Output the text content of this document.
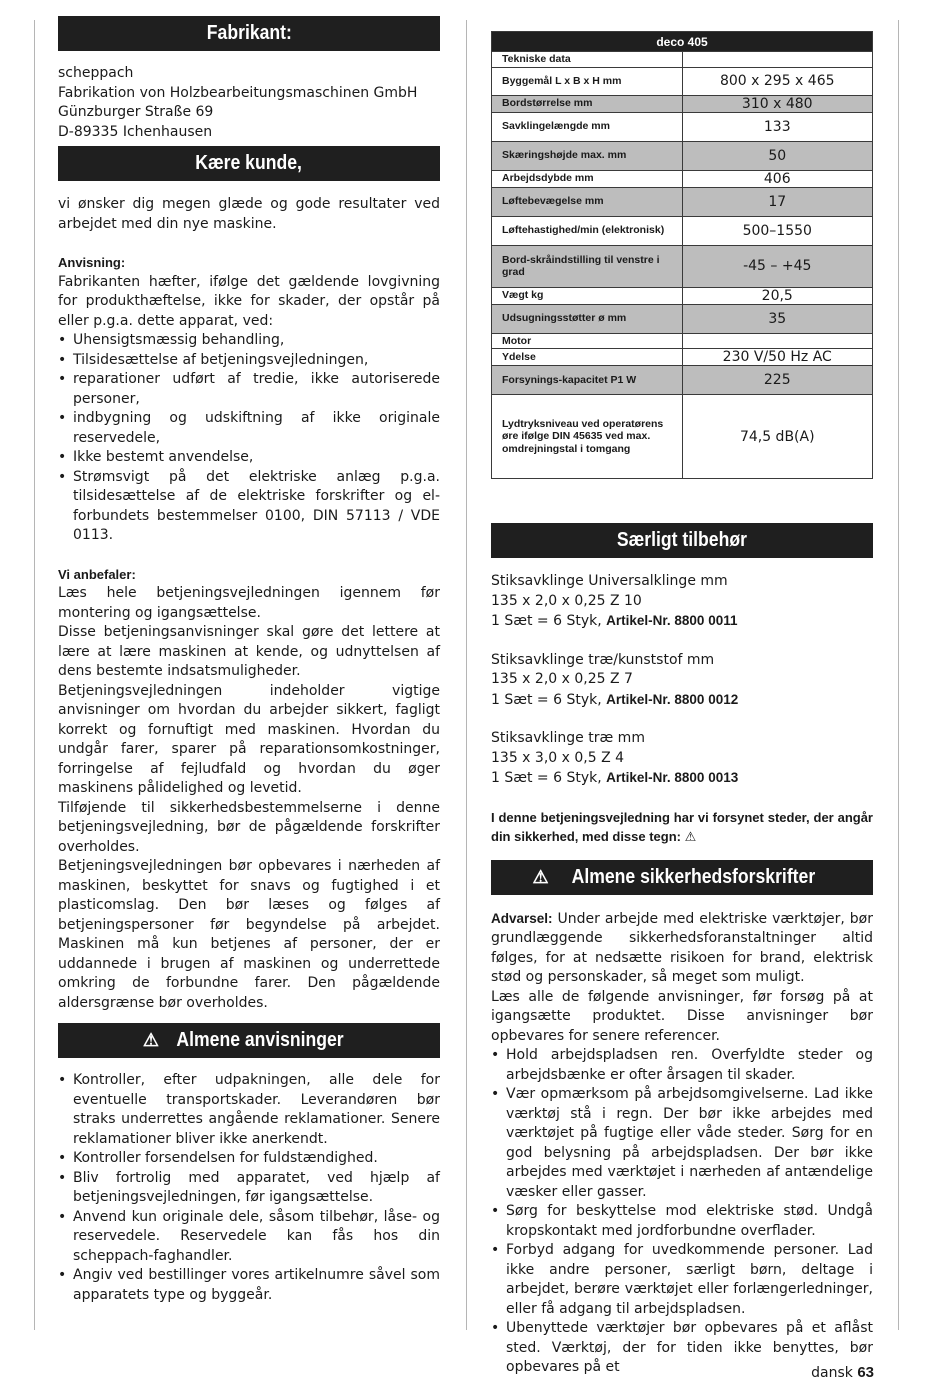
Fabrikant:

scheppach

Fabrikation von Holzbearbeitungsmaschinen GmbH

Günzburger Straße 69

D-89335 Ichenhausen

Kære kunde,

vi ønsker dig megen glæde og gode resultater ved arbejdet med din nye maskine.

Anvisning:

Fabrikanten hæfter, ifølge det gældende lovgivning for produkthæftelse, ikke for skader, der opstår på eller p.g.a. dette apparat, ved:

• Uhensigtsmæssig behandling,
• Tilsidesættelse af betjeningsvejledningen,
• reparationer udført af tredie, ikke autoriserede personer,
• indbygning og udskiftning af ikke originale reservedele,
• Ikke bestemt anvendelse,
• Strømsvigt på det elektriske anlæg p.g.a. tilsidesættelse af de elektriske forskrifter og el-forbundets bestemmelser 0100, DIN 57113 / VDE 0113.

Vi anbefaler:

Læs hele betjeningsvejledningen igennem før montering og igangsættelse.

Disse betjeningsanvisninger skal gøre det lettere at lære at lære maskinen at kende, og udnyttelsen af dens bestemte indsatsmuligheder.

Betjeningsvejledningen indeholder vigtige anvisninger om hvordan du arbejder sikkert, fagligt korrekt og fornuftigt med maskinen. Hvordan du undgår farer, sparer på reparationsomkostninger, forringelse af fejludfald og hvordan du øger maskinens pålidelighed og levetid.

Tilføjende til sikkerhedsbestemmelserne i denne betjeningsvejledning, bør de pågældende forskrifter overholdes.

Betjeningsvejledningen bør opbevares i nærheden af maskinen, beskyttet for snavs og fugtighed i et plasticomslag. Den bør læses og følges af betjeningspersoner før begyndelse på arbejdet. Maskinen må kun betjenes af personer, der er uddannede i brugen af maskinen og underrettede omkring de forbundne farer. Den pågældende aldersgrænse bør overholdes.

⚠ Almene anvisninger
• Kontroller, efter udpakningen, alle dele for eventuelle transportskader. Leverandøren bør straks underrettes angående reklamationer. Senere reklamationer bliver ikke anerkendt.
• Kontroller forsendelsen for fuldstændighed.
• Bliv fortrolig med apparatet, ved hjælp af betjeningsvejledningen, før igangsættelse.
• Anvend kun originale dele, såsom tilbehør, låse- og reservedele. Reservedele kan fås hos din scheppach-faghandler.
• Angiv ved bestillinger vores artikelnumre såvel som apparatets type og byggeår.
deco 405	
Tekniske data	
Byggemål L x B x H mm	800 x 295 x 465
Bordstørrelse mm	310 x 480
Savklingelængde mm	133
Skæringshøjde max. mm	50
Arbejdsdybde mm	406
Løftebevægelse mm	17
Løftehastighed/min (elektronisk)	500–1550
Bord-skråindstilling til venstre i grad	-45 – +45
Vægt kg	20,5
Udsugningsstøtter ø mm	35
Motor	
Ydelse	230 V/50 Hz AC
Forsynings-kapacitet P1 W	225
Lydtryksniveau ved operatørens øre ifølge DIN 45635 ved max. omdrejningstal i tomgang	74,5 dB(A)
Særligt tilbehør

Stiksavklinge Universalklinge mm

135 x 2,0 x 0,25 Z 10

1 Sæt = 6 Styk, Artikel-Nr. 8800 0011

Stiksavklinge træ/kunststof mm

135 x 2,0 x 0,25 Z 7

1 Sæt = 6 Styk, Artikel-Nr. 8800 0012

Stiksavklinge træ mm

135 x 3,0 x 0,5 Z 4

1 Sæt = 6 Styk, Artikel-Nr. 8800 0013

I denne betjeningsvejledning har vi forsynet steder, der angår din sikkerhed, med disse tegn: ⚠

⚠ Almene sikkerhedsforskrifter

Advarsel: Under arbejde med elektriske værktøjer, bør grundlæggende sikkerhedsforanstaltninger altid følges, for at nedsætte risikoen for brand, elektrisk stød og personskader, så meget som muligt.

Læs alle de følgende anvisninger, før forsøg på at igangsætte produktet. Disse anvisninger bør opbevares for senere referencer.

• Hold arbejdspladsen ren. Overfyldte steder og arbejdsbænke er ofter årsagen til skader.
• Vær opmærksom på arbejdsomgivelserne. Lad ikke værktøj stå i regn. Der bør ikke arbejdes med værktøjet på fugtige eller våde steder. Sørg for en god belysning på arbejdspladsen. Der bør ikke arbejdes med værktøjet i nærheden af antændelige væsker eller gasser.
• Sørg for beskyttelse mod elektriske stød. Undgå kropskontakt med jordforbundne overflader.
• Forbyd adgang for uvedkommende personer. Lad ikke andre personer, særligt børn, deltage i arbejdet, berøre værktøjet eller forlængerledninger, eller få adgang til arbejdspladsen.
• Ubenyttede værktøjer bør opbevares på et aflåst sted. Værktøj, der for tiden ikke benyttes, bør opbevares på et	dansk 63
